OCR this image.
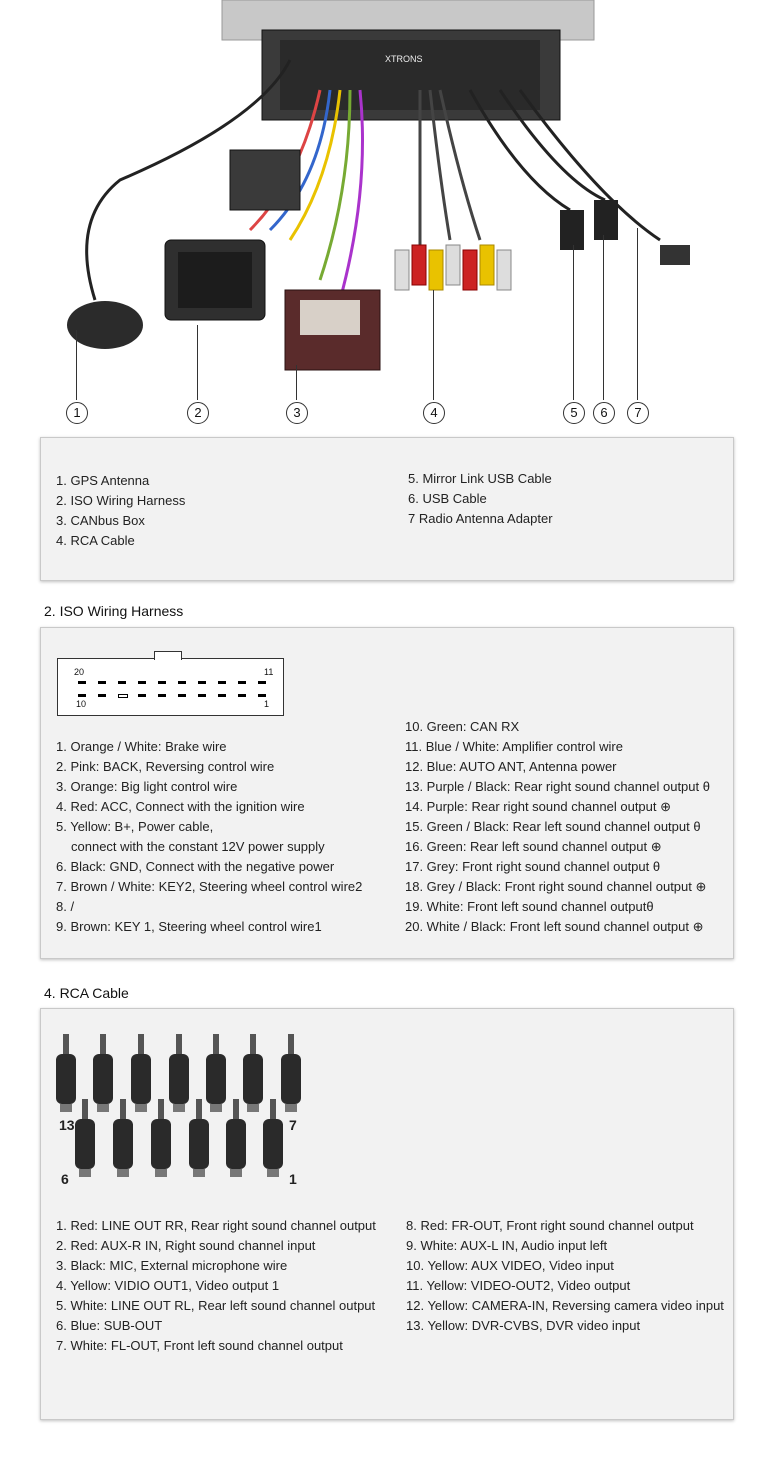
XTRONS
1	2	3	4	5	6	7
1. GPS Antenna
2. ISO Wiring Harness
3. CANbus Box
4. RCA Cable
5. Mirror Link USB Cable
6. USB Cable
7 Radio Antenna Adapter
2. ISO Wiring Harness
20	11
10	1
1. Orange / White: Brake wire
2. Pink: BACK, Reversing control wire
3. Orange: Big light control wire
4. Red: ACC, Connect with the ignition wire
5. Yellow: B+, Power cable,
connect with the constant 12V power supply
6. Black: GND, Connect with the negative power
7. Brown / White: KEY2, Steering wheel control wire2
8. /
9. Brown: KEY 1, Steering wheel control wire1
10. Green: CAN RX
11. Blue / White: Amplifier control wire
12. Blue: AUTO ANT, Antenna power
13. Purple / Black: Rear right sound channel output θ
14. Purple: Rear right sound channel output ⊕
15. Green / Black: Rear left sound channel output θ
16. Green: Rear left sound channel output ⊕
17. Grey: Front right sound channel output θ
18. Grey / Black: Front right sound channel output ⊕
19. White: Front left sound channel outputθ
20. White / Black: Front left sound channel output ⊕
4. RCA Cable
13	7
6	1
1. Red: LINE OUT RR, Rear right sound channel output
2. Red: AUX-R IN, Right sound channel input
3. Black: MIC, External microphone wire
4. Yellow: VIDIO OUT1, Video output 1
5. White: LINE OUT RL, Rear left sound channel output
6. Blue: SUB-OUT
7. White: FL-OUT, Front left sound channel output
8. Red: FR-OUT, Front right sound channel output
9. White: AUX-L IN, Audio input left
10. Yellow: AUX VIDEO, Video input
11. Yellow: VIDEO-OUT2, Video output
12. Yellow: CAMERA-IN, Reversing camera video input
13. Yellow: DVR-CVBS, DVR video input
